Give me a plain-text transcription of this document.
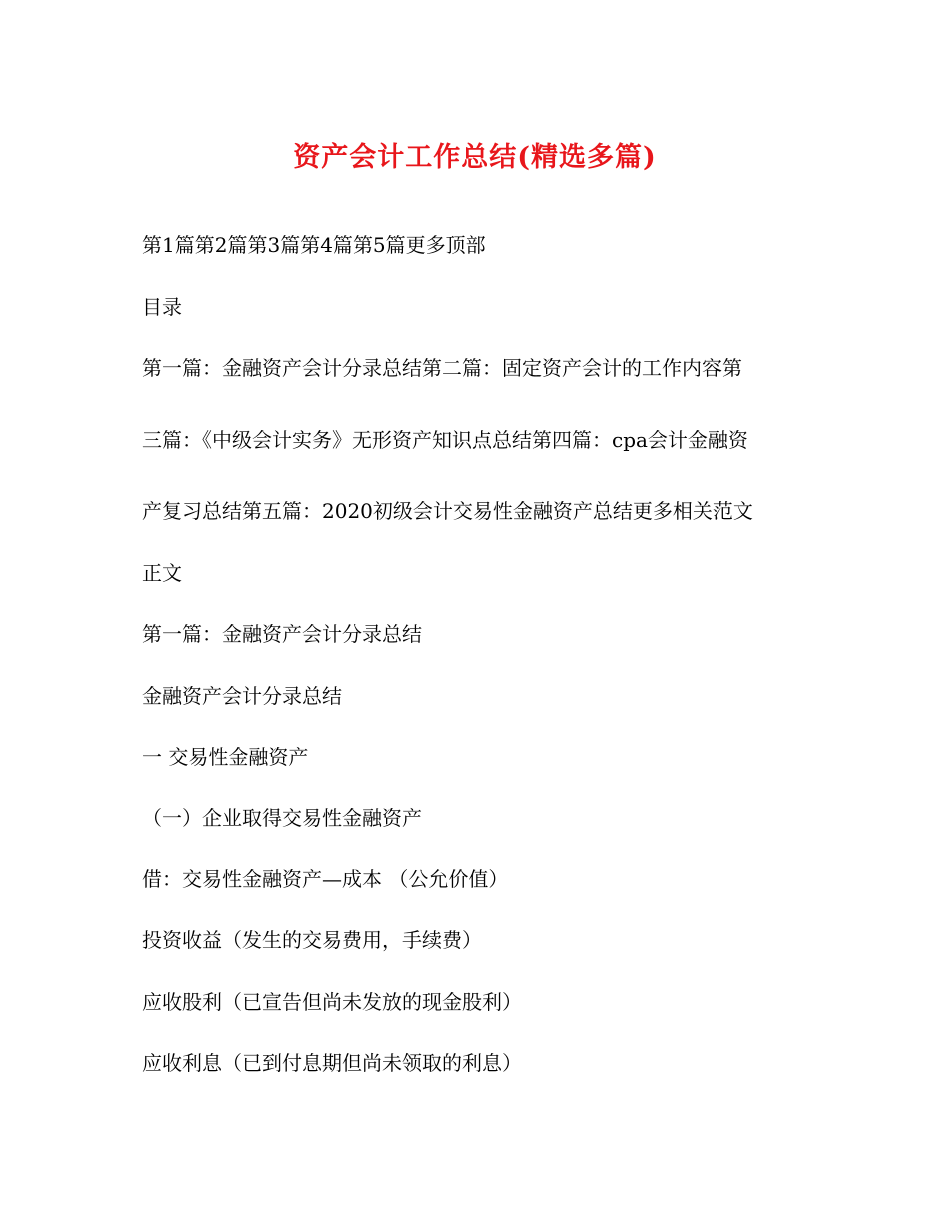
资产会计工作总结(精选多篇)
第1篇第2篇第3篇第4篇第5篇更多顶部
目录
第一篇：金融资产会计分录总结第二篇：固定资产会计的工作内容第
三篇：《中级会计实务》无形资产知识点总结第四篇：cpa会计金融资
产复习总结第五篇：2020初级会计交易性金融资产总结更多相关范文
正文
第一篇：金融资产会计分录总结
金融资产会计分录总结
一 交易性金融资产
（一）企业取得交易性金融资产
借：交易性金融资产—成本 （公允价值）
投资收益（发生的交易费用，手续费）
应收股利（已宣告但尚未发放的现金股利）
应收利息（已到付息期但尚未领取的利息）
